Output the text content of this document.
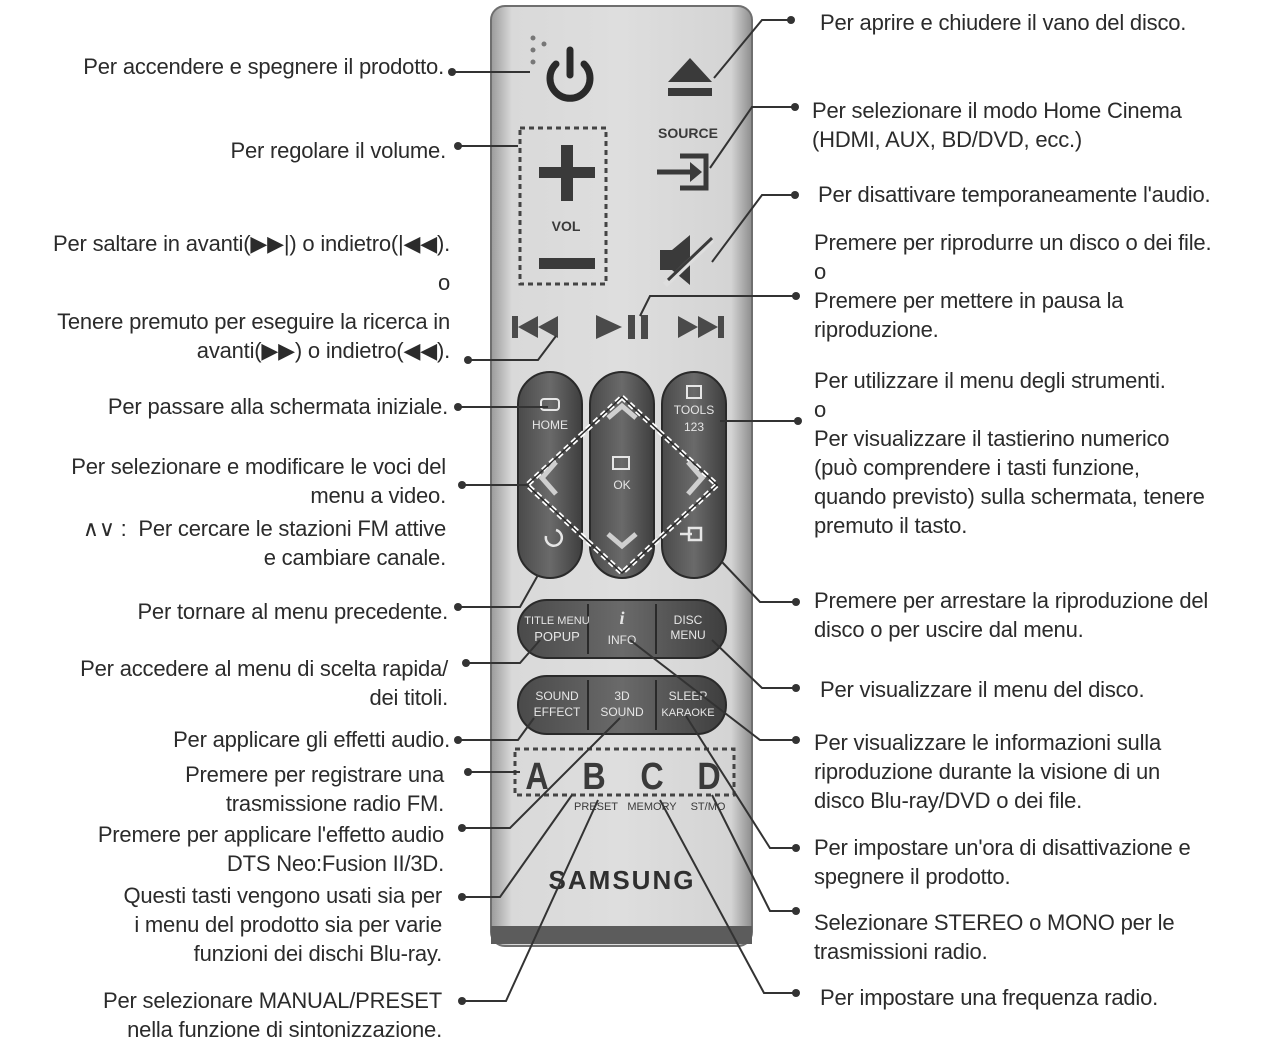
VOL
SOURCE
HOME
TOOLS
123
OK
TITLE MENU
POPUP
i
INFO
DISC
MENU
SOUND
EFFECT
3D
SOUND
SLEEP
KARAOKE
A B C D
PRESET MEMORY ST/MO
SAMSUNG
Per accendere e spegnere il prodotto.
Per regolare il volume.
Per saltare in avanti(▶▶|) o indietro(|◀◀).
o
Tenere premuto per eseguire la ricerca in
avanti(▶▶) o indietro(◀◀).
Per passare alla schermata iniziale.
Per selezionare e modificare le voci del
menu a video.
∧∨ :  Per cercare le stazioni FM attive
e cambiare canale.
Per tornare al menu precedente.
Per accedere al menu di scelta rapida/
dei titoli.
Per applicare gli effetti audio.
Premere per registrare una
trasmissione radio FM.
Premere per applicare l'effetto audio
DTS Neo:Fusion II/3D.
Questi tasti vengono usati sia per
i menu del prodotto sia per varie
funzioni dei dischi Blu-ray.
Per selezionare MANUAL/PRESET
nella funzione di sintonizzazione.
Per aprire e chiudere il vano del disco.
Per selezionare il modo Home Cinema
(HDMI, AUX, BD/DVD, ecc.)
Per disattivare temporaneamente l'audio.
Premere per riprodurre un disco o dei file.
o
Premere per mettere in pausa la
riproduzione.
Per utilizzare il menu degli strumenti.
o
Per visualizzare il tastierino numerico
(può comprendere i tasti funzione,
quando previsto) sulla schermata, tenere
premuto il tasto.
Premere per arrestare la riproduzione del
disco o per uscire dal menu.
Per visualizzare il menu del disco.
Per visualizzare le informazioni sulla
riproduzione durante la visione di un
disco Blu-ray/DVD o dei file.
Per impostare un'ora di disattivazione e
spegnere il prodotto.
Selezionare STEREO o MONO per le
trasmissioni radio.
Per impostare una frequenza radio.
